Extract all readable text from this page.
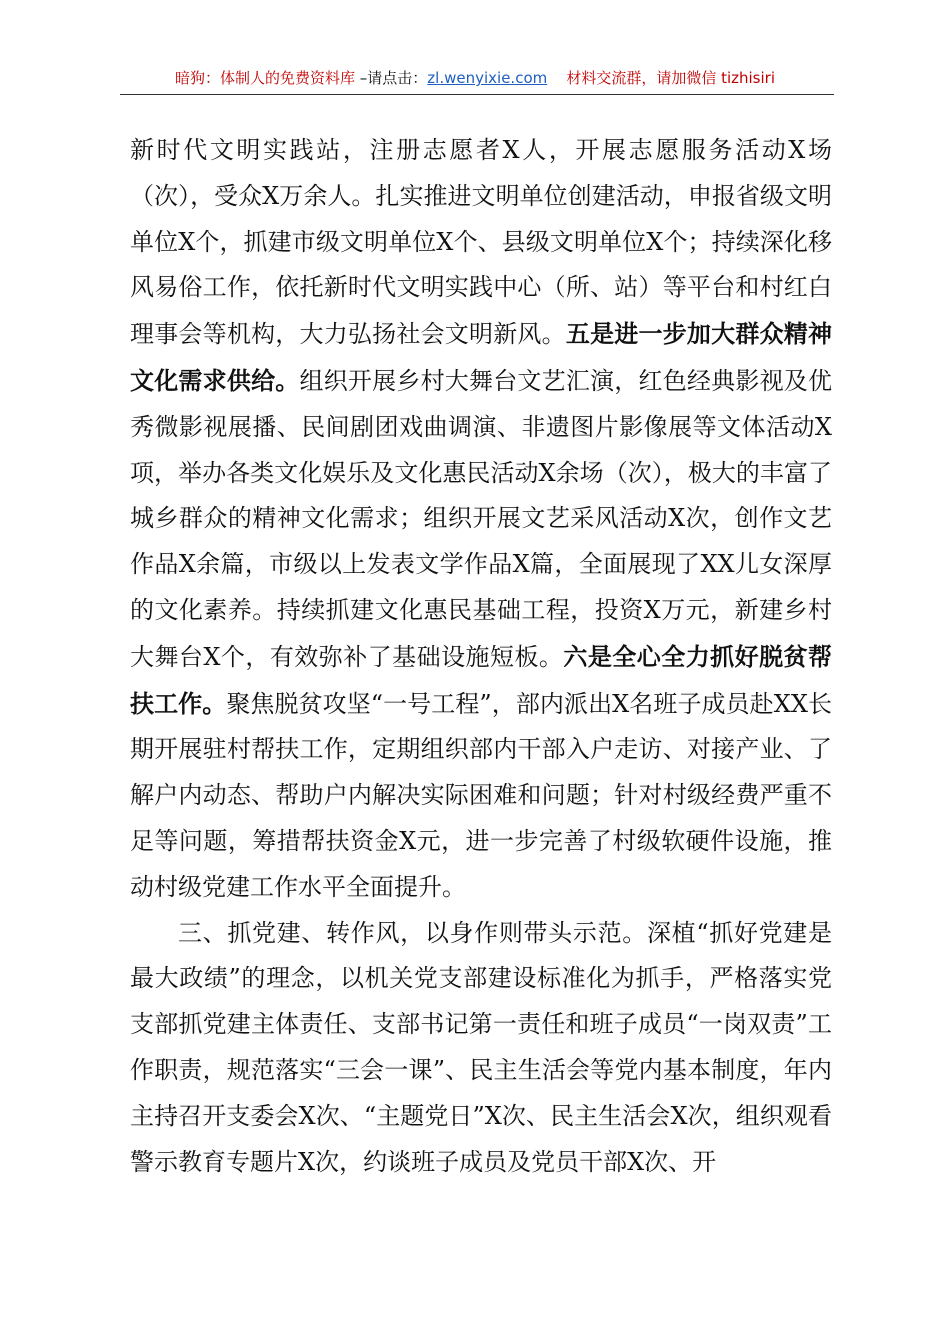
暗狗：体制人的免费资料库 –请点击：zl.wenyixie.com 材料交流群，请加微信 tizhisiri

新时代文明实践站，注册志愿者X人，开展志愿服务活动X场（次），受众X万余人。扎实推进文明单位创建活动，申报省级文明单位X个，抓建市级文明单位X个、县级文明单位X个；持续深化移风易俗工作，依托新时代文明实践中心（所、站）等平台和村红白理事会等机构，大力弘扬社会文明新风。五是进一步加大群众精神文化需求供给。组织开展乡村大舞台文艺汇演，红色经典影视及优秀微影视展播、民间剧团戏曲调演、非遗图片影像展等文体活动X项，举办各类文化娱乐及文化惠民活动X余场（次），极大的丰富了城乡群众的精神文化需求；组织开展文艺采风活动X次，创作文艺作品X余篇，市级以上发表文学作品X篇，全面展现了XX儿女深厚的文化素养。持续抓建文化惠民基础工程，投资X万元，新建乡村大舞台X个，有效弥补了基础设施短板。六是全心全力抓好脱贫帮扶工作。聚焦脱贫攻坚“一号工程”，部内派出X名班子成员赴XX长期开展驻村帮扶工作，定期组织部内干部入户走访、对接产业、了解户内动态、帮助户内解决实际困难和问题；针对村级经费严重不足等问题，筹措帮扶资金X元，进一步完善了村级软硬件设施，推动村级党建工作水平全面提升。

三、抓党建、转作风，以身作则带头示范。深植“抓好党建是最大政绩”的理念，以机关党支部建设标准化为抓手，严格落实党支部抓党建主体责任、支部书记第一责任和班子成员“一岗双责”工作职责，规范落实“三会一课”、民主生活会等党内基本制度，年内主持召开支委会X次、“主题党日”X次、民主生活会X次，组织观看警示教育专题片X次，约谈班子成员及党员干部X次、开
